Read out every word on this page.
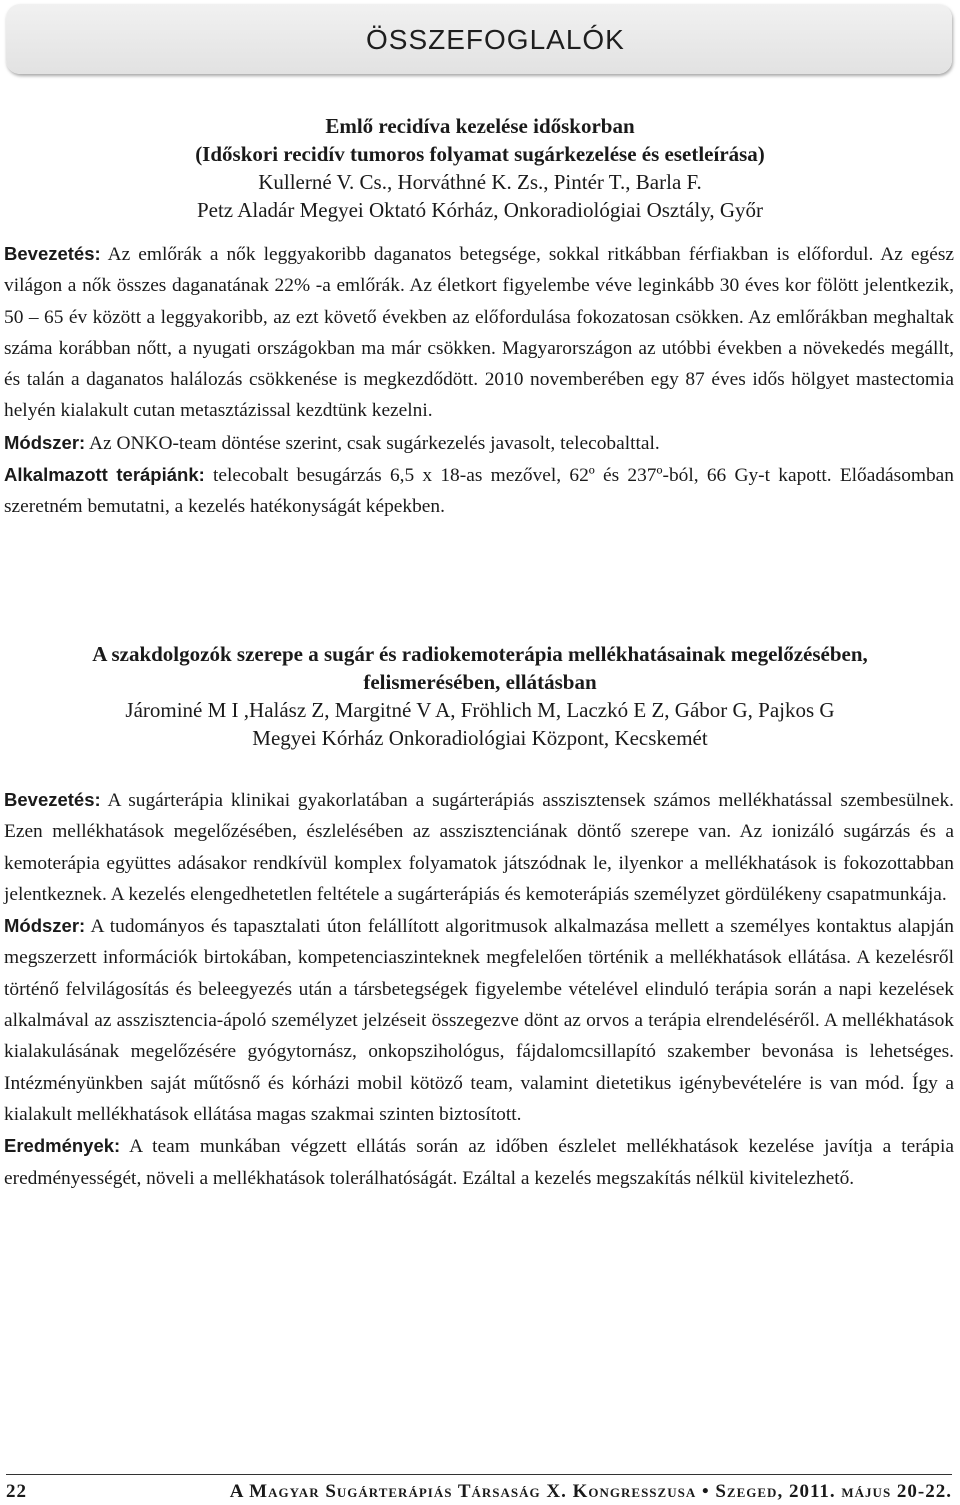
ÖSSZEFOGLALÓK
Emlő recidíva kezelése időskorban
(Időskori recidív tumoros folyamat sugárkezelése és esetleírása)
Kullerné V. Cs., Horváthné K. Zs., Pintér T., Barla F.
Petz Aladár Megyei Oktató Kórház, Onkoradiológiai Osztály, Győr

Bevezetés: Az emlőrák a nők leggyakoribb daganatos betegsége, sokkal ritkábban férfiakban is előfordul. Az egész világon a nők összes daganatának 22% -a emlőrák. Az életkort figyelembe véve leginkább 30 éves kor fölött jelentkezik, 50 – 65 év között a leggyakoribb, az ezt követő években az előfordulása fokozatosan csökken. Az emlőrákban meghaltak száma korábban nőtt, a nyugati országokban ma már csökken. Magyarországon az utóbbi években a növekedés megállt, és talán a daganatos halálozás csökkenése is megkezdődött. 2010 novemberében egy 87 éves idős hölgyet mastectomia helyén kialakult cutan metasztázissal kezdtünk kezelni.

Módszer: Az ONKO-team döntése szerint, csak sugárkezelés javasolt, telecobalttal.

Alkalmazott terápiánk: telecobalt besugárzás 6,5 x 18-as mezővel, 62º és 237º-ból, 66 Gy-t kapott. Előadásomban szeretném bemutatni, a kezelés hatékonyságát képekben.

A szakdolgozók szerepe a sugár és radiokemoterápia mellékhatásainak megelőzésében,
felismerésében, ellátásban
Járominé M I ,Halász Z, Margitné V A, Fröhlich M, Laczkó E Z, Gábor G, Pajkos G
Megyei Kórház Onkoradiológiai Központ, Kecskemét

Bevezetés: A sugárterápia klinikai gyakorlatában a sugárterápiás asszisztensek számos mellékhatással szembesülnek. Ezen mellékhatások megelőzésében, észlelésében az asszisztenciának döntő szerepe van. Az ionizáló sugárzás és a kemoterápia együttes adásakor rendkívül komplex folyamatok játszódnak le, ilyenkor a mellékhatások is fokozottabban jelentkeznek. A kezelés elengedhetetlen feltétele a sugárterápiás és kemoterápiás személyzet gördülékeny csapatmunkája.

Módszer: A tudományos és tapasztalati úton felállított algoritmusok alkalmazása mellett a személyes kontaktus alapján megszerzett információk birtokában, kompetenciaszinteknek megfelelően történik a mellékhatások ellátása. A kezelésről történő felvilágosítás és beleegyezés után a társbetegségek figyelembe vételével elinduló terápia során a napi kezelések alkalmával az asszisztencia-ápoló személyzet jelzéseit összegezve dönt az orvos a terápia elrendeléséről. A mellékhatások kialakulásának megelőzésére gyógytornász, onkopszihológus, fájdalomcsillapító szakember bevonása is lehetséges. Intézményünkben saját műtősnő és kórházi mobil kötöző team, valamint dietetikus igénybevételére is van mód. Így a kialakult mellékhatások ellátása magas szakmai szinten biztosított.

Eredmények: A team munkában végzett ellátás során az időben észlelet mellékhatások kezelése javítja a terápia eredményességét, növeli a mellékhatások tolerálhatóságát. Ezáltal a kezelés megszakítás nélkül kivitelezhető.

22	A Magyar Sugárterápiás Társaság X. Kongresszusa • Szeged, 2011. május 20-22.
